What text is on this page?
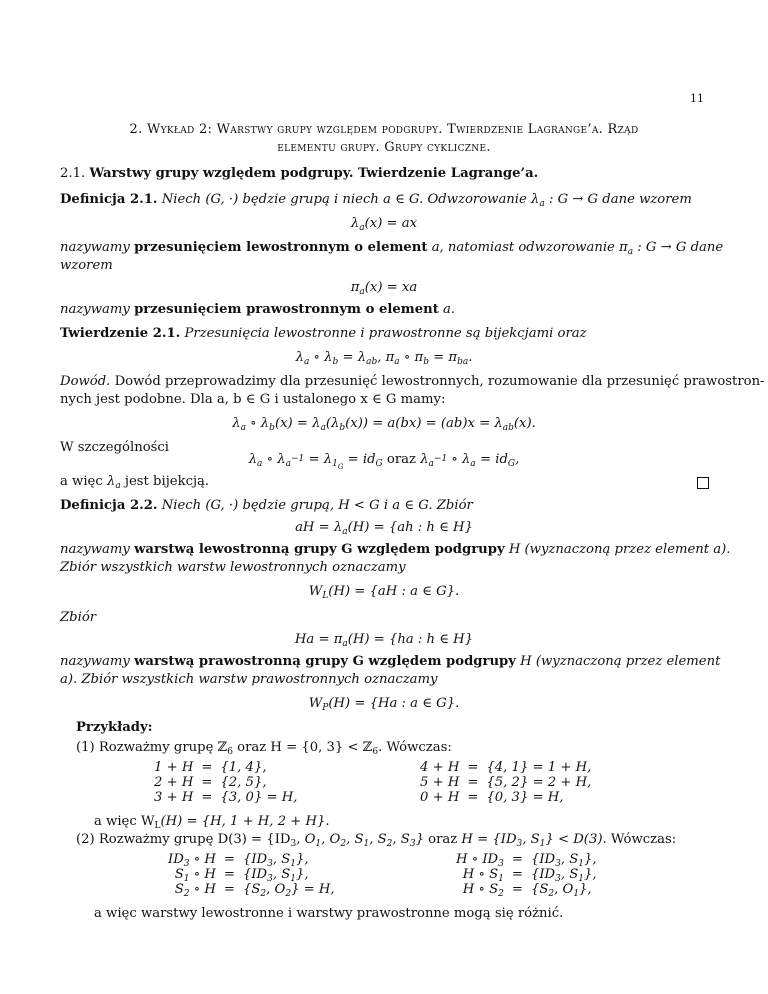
11
2. Wykład 2: Warstwy grupy względem podgrupy. Twierdzenie Lagrange’a. Rząd
elementu grupy. Grupy cykliczne.
2.1. Warstwy grupy względem podgrupy. Twierdzenie Lagrange’a.
Definicja 2.1. Niech (G, ·) będzie grupą i niech a ∈ G. Odwzorowanie $\lambda_a$ : G → G dane wzorem
$\lambda_a(x)$ = ax
nazywamy przesunięciem lewostronnym o element a, natomiast odwzorowanie $\pi_a$ : G → G dane
wzorem
$\pi_a(x)$ = xa
nazywamy przesunięciem prawostronnym o element a.
Twierdzenie 2.1. Przesunięcia lewostronne i prawostronne są bijekcjami oraz
$\lambda_a$ ∘ $\lambda_b = \lambda_{ab}$, $\pi_a$ ∘ $\pi_b = \pi_{ba}$.
Dowód. Dowód przeprowadzimy dla przesunięć lewostronnych, rozumowanie dla przesunięć prawostron-
nych jest podobne. Dla a, b ∈ G i ustalonego x ∈ G mamy:
$\lambda_a$ ∘ $\lambda_b(x) = \lambda_a(\lambda_b(x)) = a(bx) = (ab)x = \lambda_{ab}(x)$.
W szczególności
$\lambda_a$ ∘ $\lambda_{a^{-1}} = \lambda_{1_G} = id_G$ oraz $\lambda_{a^{-1}}$ ∘ $\lambda_a = id_G$,
a więc $\lambda_a$ jest bijekcją.
Definicja 2.2. Niech (G, ·) będzie grupą, H < G i a ∈ G. Zbiór
aH = $\lambda_a(H) = \{ah$ : h ∈ H}
nazywamy warstwą lewostronną grupy G względem podgrupy H (wyznaczoną przez element a).
Zbiór wszystkich warstw lewostronnych oznaczamy
$W_L(H) = \{aH$ : a ∈ G}.
Zbiór
$Ha = \pi_a(H) = \{ha$ : h ∈ H}
nazywamy warstwą prawostronną grupy G względem podgrupy H (wyznaczoną przez element
a). Zbiór wszystkich warstw prawostronnych oznaczamy
$W_P(H) = \{Ha$ : a ∈ G}.
Przykłady:
(1) Rozważmy grupę ℤ$_6$ oraz H = {0, 3} < ℤ$_6$. Wówczas:
1 + H	=	{1, 4},
2 + H	=	{2, 5},
3 + H	=	{3, 0} = H,
4 + H	=	{4, 1} = 1 + H,
5 + H	=	{5, 2} = 2 + H,
0 + H	=	{0, 3} = H,
a więc $W_L(H) = \{H$, 1 + H, 2 + H}.
(2) Rozważmy grupę $D(3) = \{ID_3$, $O_1$, $O_2$, $S_1$, $S_2$, $S_3$} oraz $H = \{ID_3$, $S_1\} < D(3)$. Wówczas:
$ID_3$ ∘ H	=	{$ID_3$, $S_1$},
$S_1$ ∘ H	=	{$ID_3$, $S_1$},
$S_2$ ∘ H	=	{$S_2$, $O_2\} = H$,
H ∘ $ID_3$	=	{$ID_3$, $S_1$},
H ∘ $S_1$	=	{$ID_3$, $S_1$},
H ∘ $S_2$	=	{$S_2$, $O_1$},
a więc warstwy lewostronne i warstwy prawostronne mogą się różnić.
